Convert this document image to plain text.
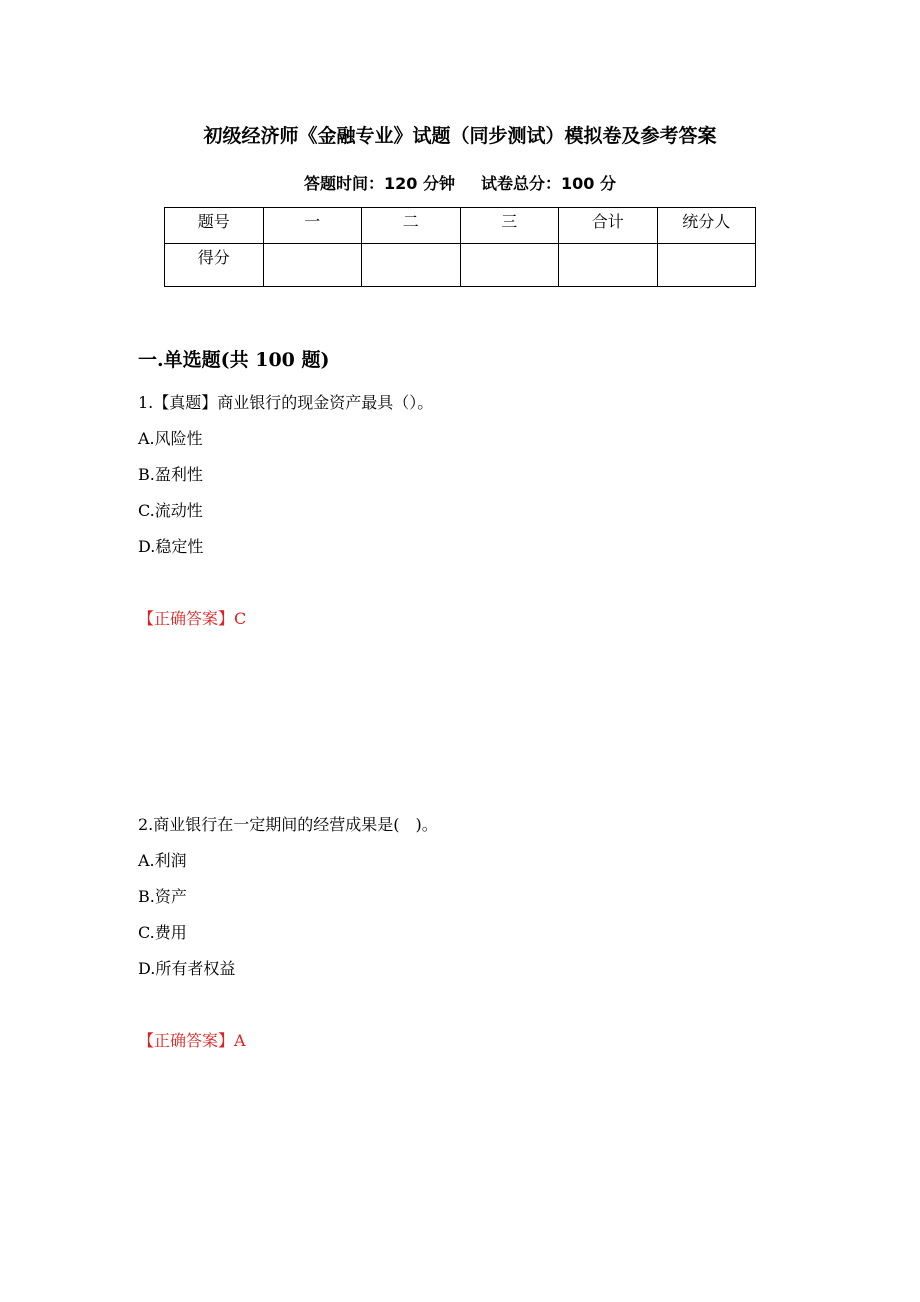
初级经济师《金融专业》试题（同步测试）模拟卷及参考答案
答题时间：120 分钟 试卷总分：100 分
题号	一	二	三	合计	统分人
得分					
一.单选题(共 100 题)
1.【真题】商业银行的现金资产最具（）。
A.风险性
B.盈利性
C.流动性
D.稳定性
【正确答案】C
2.商业银行在一定期间的经营成果是(　)。
A.利润
B.资产
C.费用
D.所有者权益
【正确答案】A
